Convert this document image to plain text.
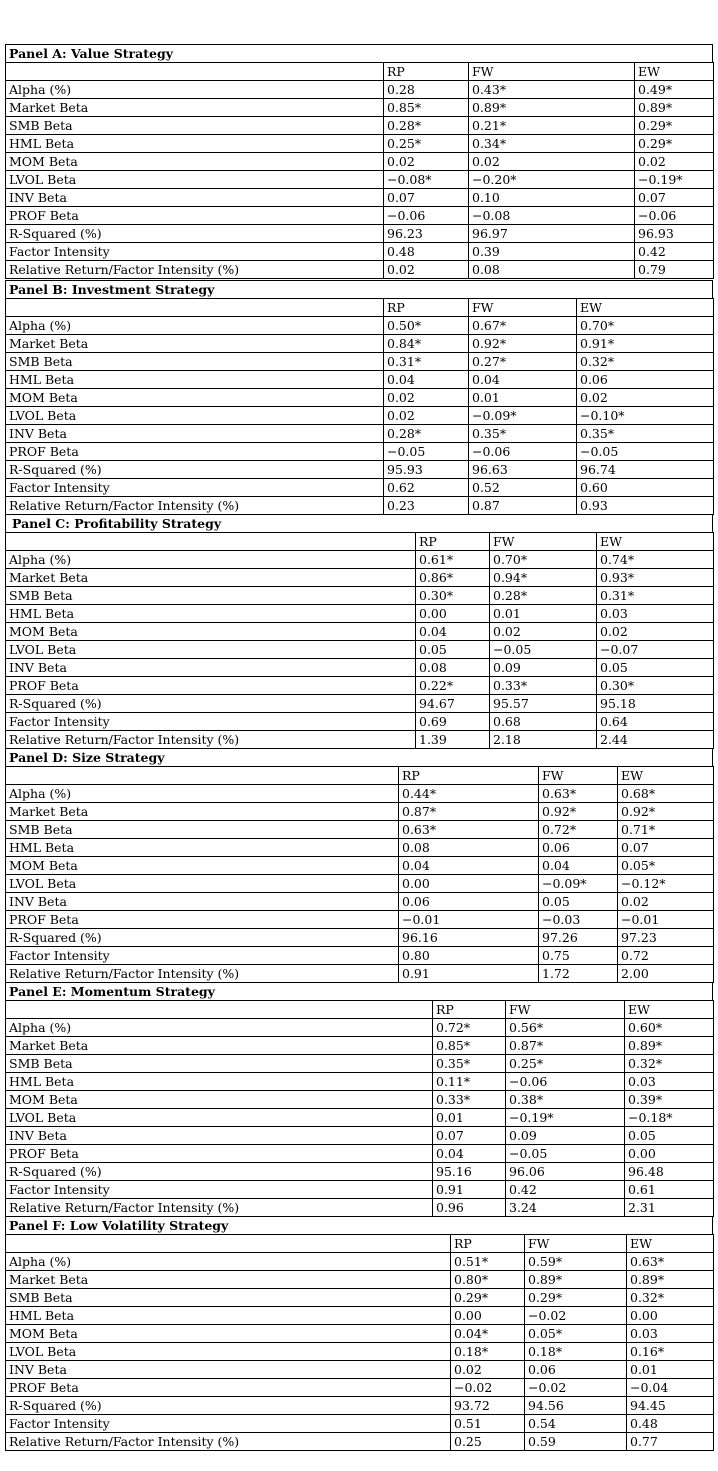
Panel A: Value Strategy
	RP	FW	EW
Alpha (%)	0.28	0.43*	0.49*
Market Beta	0.85*	0.89*	0.89*
SMB Beta	0.28*	0.21*	0.29*
HML Beta	0.25*	0.34*	0.29*
MOM Beta	0.02	0.02	0.02
LVOL Beta	−0.08*	−0.20*	−0.19*
INV Beta	0.07	0.10	0.07
PROF Beta	−0.06	−0.08	−0.06
R-Squared (%)	96.23	96.97	96.93
Factor Intensity	0.48	0.39	0.42
Relative Return/Factor Intensity (%)	0.02	0.08	0.79
Panel B: Investment Strategy
	RP	FW	EW
Alpha (%)	0.50*	0.67*	0.70*
Market Beta	0.84*	0.92*	0.91*
SMB Beta	0.31*	0.27*	0.32*
HML Beta	0.04	0.04	0.06
MOM Beta	0.02	0.01	0.02
LVOL Beta	0.02	−0.09*	−0.10*
INV Beta	0.28*	0.35*	0.35*
PROF Beta	−0.05	−0.06	−0.05
R-Squared (%)	95.93	96.63	96.74
Factor Intensity	0.62	0.52	0.60
Relative Return/Factor Intensity (%)	0.23	0.87	0.93
Panel C: Profitability Strategy
	RP	FW	EW
Alpha (%)	0.61*	0.70*	0.74*
Market Beta	0.86*	0.94*	0.93*
SMB Beta	0.30*	0.28*	0.31*
HML Beta	0.00	0.01	0.03
MOM Beta	0.04	0.02	0.02
LVOL Beta	0.05	−0.05	−0.07
INV Beta	0.08	0.09	0.05
PROF Beta	0.22*	0.33*	0.30*
R-Squared (%)	94.67	95.57	95.18
Factor Intensity	0.69	0.68	0.64
Relative Return/Factor Intensity (%)	1.39	2.18	2.44
Panel D: Size Strategy
	RP	FW	EW
Alpha (%)	0.44*	0.63*	0.68*
Market Beta	0.87*	0.92*	0.92*
SMB Beta	0.63*	0.72*	0.71*
HML Beta	0.08	0.06	0.07
MOM Beta	0.04	0.04	0.05*
LVOL Beta	0.00	−0.09*	−0.12*
INV Beta	0.06	0.05	0.02
PROF Beta	−0.01	−0.03	−0.01
R-Squared (%)	96.16	97.26	97.23
Factor Intensity	0.80	0.75	0.72
Relative Return/Factor Intensity (%)	0.91	1.72	2.00
Panel E: Momentum Strategy
	RP	FW	EW
Alpha (%)	0.72*	0.56*	0.60*
Market Beta	0.85*	0.87*	0.89*
SMB Beta	0.35*	0.25*	0.32*
HML Beta	0.11*	−0.06	0.03
MOM Beta	0.33*	0.38*	0.39*
LVOL Beta	0.01	−0.19*	−0.18*
INV Beta	0.07	0.09	0.05
PROF Beta	0.04	−0.05	0.00
R-Squared (%)	95.16	96.06	96.48
Factor Intensity	0.91	0.42	0.61
Relative Return/Factor Intensity (%)	0.96	3.24	2.31
Panel F: Low Volatility Strategy
	RP	FW	EW
Alpha (%)	0.51*	0.59*	0.63*
Market Beta	0.80*	0.89*	0.89*
SMB Beta	0.29*	0.29*	0.32*
HML Beta	0.00	−0.02	0.00
MOM Beta	0.04*	0.05*	0.03
LVOL Beta	0.18*	0.18*	0.16*
INV Beta	0.02	0.06	0.01
PROF Beta	−0.02	−0.02	−0.04
R-Squared (%)	93.72	94.56	94.45
Factor Intensity	0.51	0.54	0.48
Relative Return/Factor Intensity (%)	0.25	0.59	0.77
